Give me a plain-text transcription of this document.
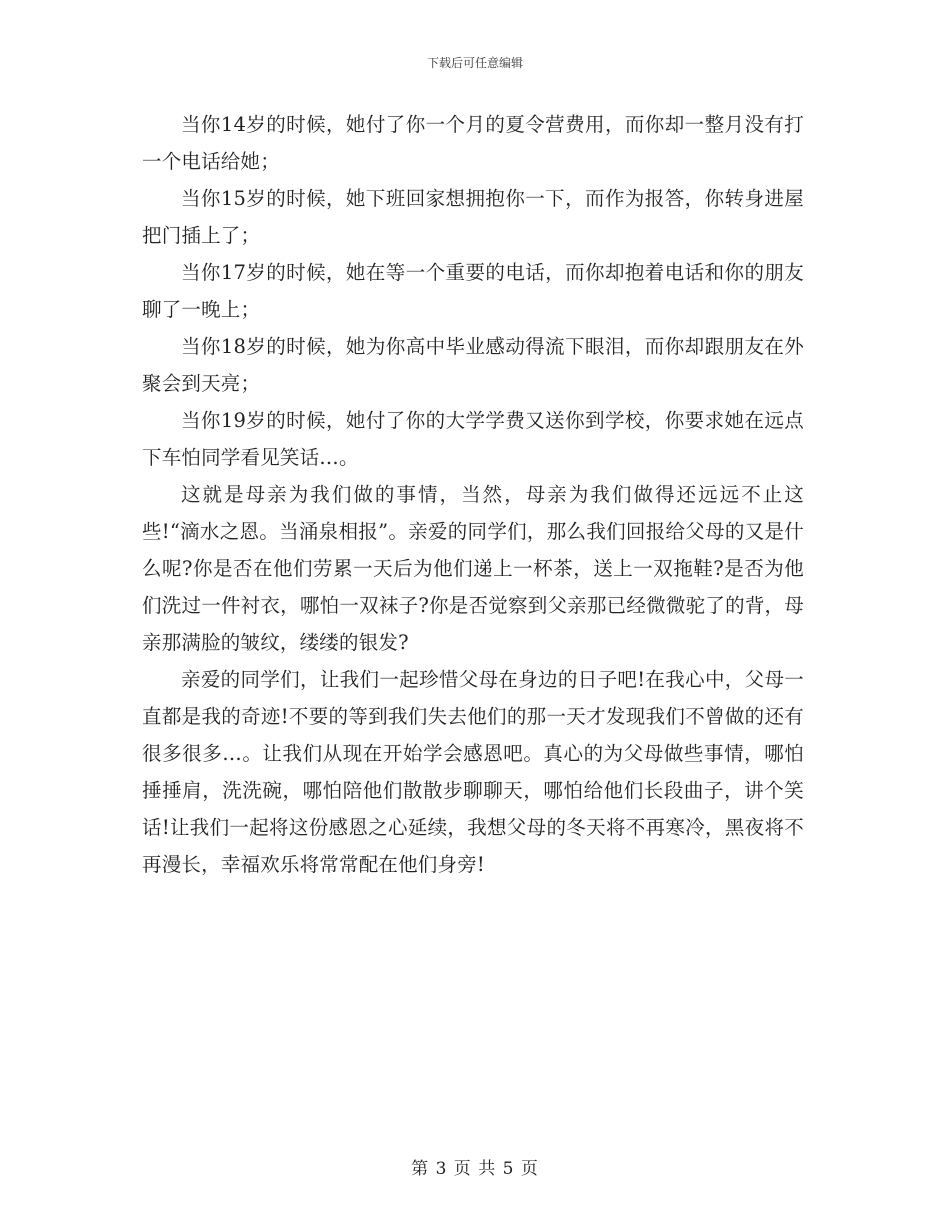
下载后可任意编辑

当你14岁的时候，她付了你一个月的夏令营费用，而你却一整月没有打一个电话给她；

当你15岁的时候，她下班回家想拥抱你一下，而作为报答，你转身进屋把门插上了；

当你17岁的时候，她在等一个重要的电话，而你却抱着电话和你的朋友聊了一晚上；

当你18岁的时候，她为你高中毕业感动得流下眼泪，而你却跟朋友在外聚会到天亮；

当你19岁的时候，她付了你的大学学费又送你到学校，你要求她在远点下车怕同学看见笑话…。

这就是母亲为我们做的事情，当然，母亲为我们做得还远远不止这些!“滴水之恩。当涌泉相报”。亲爱的同学们，那么我们回报给父母的又是什么呢?你是否在他们劳累一天后为他们递上一杯茶，送上一双拖鞋?是否为他们洗过一件衬衣，哪怕一双袜子?你是否觉察到父亲那已经微微驼了的背，母亲那满脸的皱纹，缕缕的银发?

亲爱的同学们，让我们一起珍惜父母在身边的日子吧!在我心中，父母一直都是我的奇迹!不要的等到我们失去他们的那一天才发现我们不曾做的还有很多很多…。让我们从现在开始学会感恩吧。真心的为父母做些事情，哪怕捶捶肩，洗洗碗，哪怕陪他们散散步聊聊天，哪怕给他们长段曲子，讲个笑话!让我们一起将这份感恩之心延续，我想父母的冬天将不再寒冷，黑夜将不再漫长，幸福欢乐将常常配在他们身旁!

第 3 页 共 5 页
